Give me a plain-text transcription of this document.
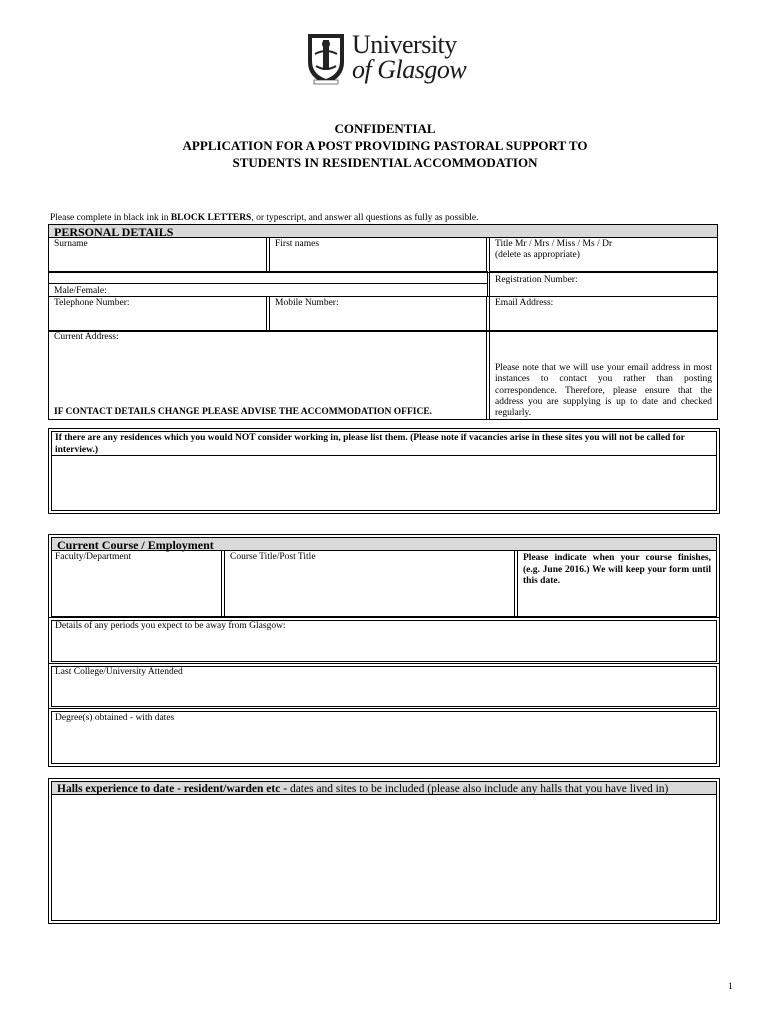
University
of Glasgow
CONFIDENTIAL
APPLICATION FOR A POST PROVIDING PASTORAL SUPPORT TO
STUDENTS IN RESIDENTIAL ACCOMMODATION
Please complete in black ink in BLOCK LETTERS, or typescript, and answer all questions as fully as possible.
PERSONAL DETAILS
Surname	First names	Title Mr / Mrs / Miss / Ms / Dr
(delete as appropriate)
Registration Number:
Male/Female:
Telephone Number:	Mobile Number:	Email Address:
Current Address:
Please note that we will use your email address in most instances to contact you rather than posting correspondence. Therefore, please ensure that the address you are supplying is up to date and checked regularly.
IF CONTACT DETAILS CHANGE PLEASE ADVISE THE ACCOMMODATION OFFICE.
If there are any residences which you would NOT consider working in, please list them. (Please note if vacancies arise in these sites you will not be called for interview.)
Current Course / Employment
Faculty/Department	Course Title/Post Title	Please indicate when your course finishes, (e.g. June 2016.) We will keep your form until this date.
Details of any periods you expect to be away from Glasgow:
Last College/University Attended
Degree(s) obtained - with dates
Halls experience to date - resident/warden etc - dates and sites to be included (please also include any halls that you have lived in)
1
